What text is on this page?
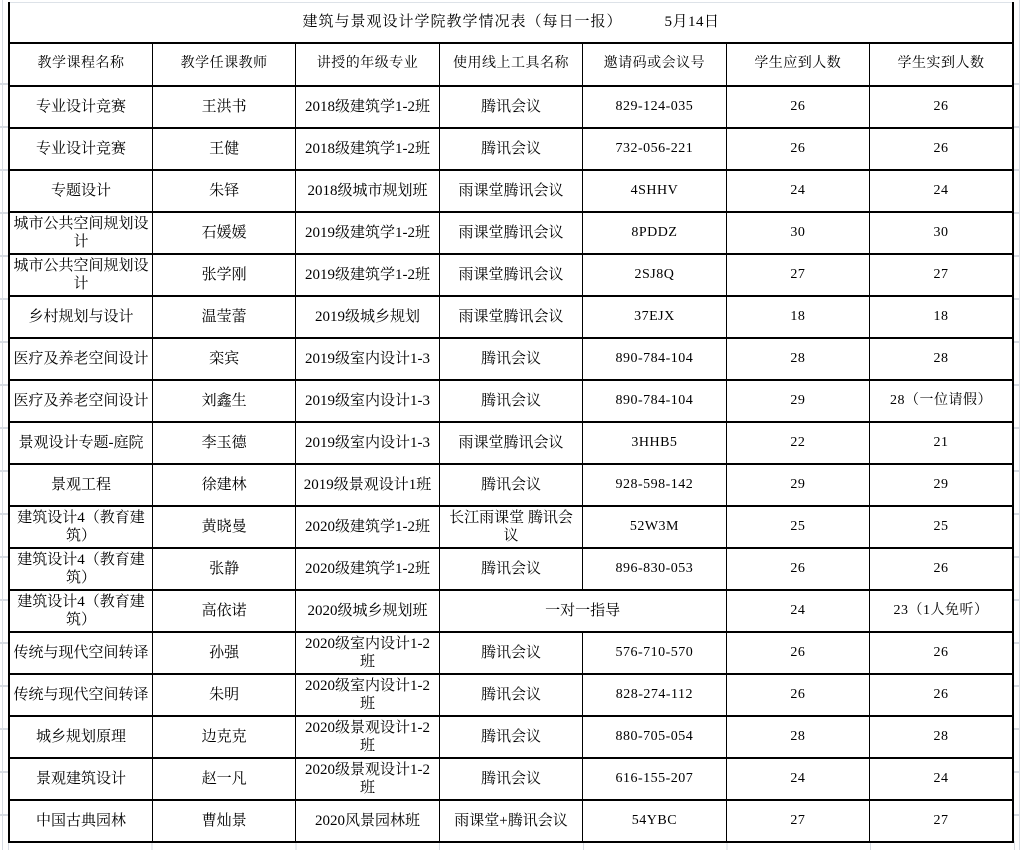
建筑与景观设计学院教学情况表（每日一报） 5月14日						
教学课程名称	教学任课教师	讲授的年级专业	使用线上工具名称	邀请码或会议号	学生应到人数	学生实到人数
专业设计竞赛	王洪书	2018级建筑学1-2班	腾讯会议	829-124-035	26	26
专业设计竞赛	王健	2018级建筑学1-2班	腾讯会议	732-056-221	26	26
专题设计	朱铎	2018级城市规划班	雨课堂腾讯会议	4SHHV	24	24
城市公共空间规划设计	石媛媛	2019级建筑学1-2班	雨课堂腾讯会议	8PDDZ	30	30
城市公共空间规划设计	张学刚	2019级建筑学1-2班	雨课堂腾讯会议	2SJ8Q	27	27
乡村规划与设计	温莹蕾	2019级城乡规划	雨课堂腾讯会议	37EJX	18	18
医疗及养老空间设计	栾宾	2019级室内设计1-3	腾讯会议	890-784-104	28	28
医疗及养老空间设计	刘鑫生	2019级室内设计1-3	腾讯会议	890-784-104	29	28（一位请假）
景观设计专题-庭院	李玉德	2019级室内设计1-3	雨课堂腾讯会议	3HHB5	22	21
景观工程	徐建林	2019级景观设计1班	腾讯会议	928-598-142	29	29
建筑设计4（教育建筑）	黄晓曼	2020级建筑学1-2班	长江雨课堂 腾讯会议	52W3M	25	25
建筑设计4（教育建筑）	张静	2020级建筑学1-2班	腾讯会议	896-830-053	26	26
建筑设计4（教育建筑）	高依诺	2020级城乡规划班	一对一指导		24	23（1人免听）
传统与现代空间转译	孙强	2020级室内设计1-2班	腾讯会议	576-710-570	26	26
传统与现代空间转译	朱明	2020级室内设计1-2班	腾讯会议	828-274-112	26	26
城乡规划原理	边克克	2020级景观设计1-2班	腾讯会议	880-705-054	28	28
景观建筑设计	赵一凡	2020级景观设计1-2班	腾讯会议	616-155-207	24	24
中国古典园林	曹灿景	2020风景园林班	雨课堂+腾讯会议	54YBC	27	27
